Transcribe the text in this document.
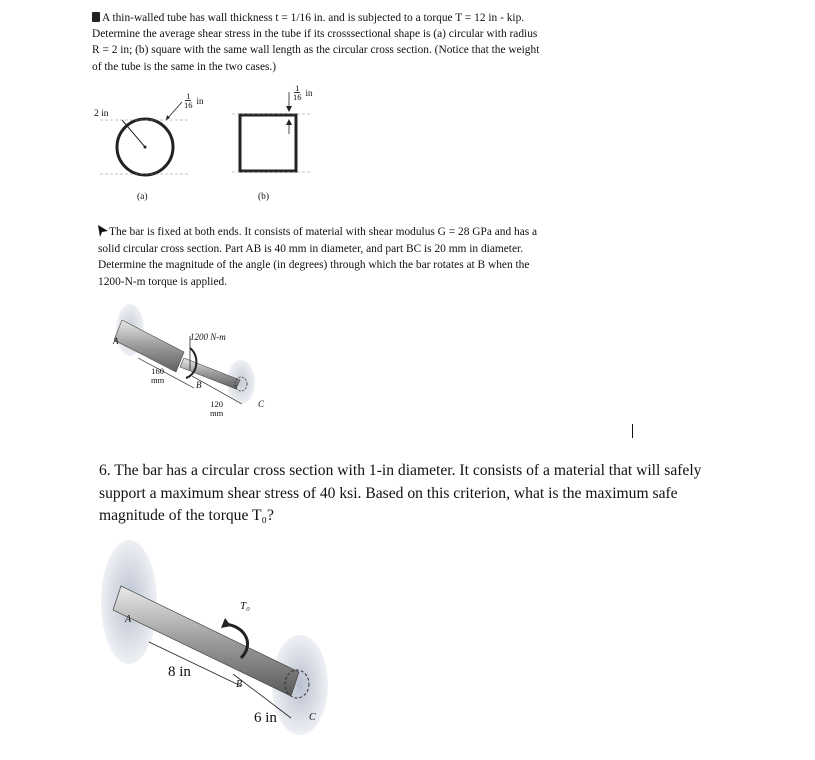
A thin-walled tube has wall thickness t = 1/16 in. and is subjected to a torque T = 12 in - kip.
Determine the average shear stress in the tube if its crosssectional shape is (a) circular with radius
R = 2 in; (b) square with the same wall length as the circular cross section. (Notice that the weight
of the tube is the same in the two cases.)
2 in
$\frac{1}{16}$ in
$\frac{1}{16}$ in
(a)	(b)
The bar is fixed at both ends. It consists of material with shear modulus G = 28 GPa and has a
solid circular cross section. Part AB is 40 mm in diameter, and part BC is 20 mm in diameter.
Determine the magnitude of the angle (in degrees) through which the bar rotates at B when the
1200-N-m torque is applied.
1200 N-m
A
B
C
160
mm
120
mm
6. The bar has a circular cross section with 1-in diameter. It consists of a material that will safely
support a maximum shear stress of 40 ksi. Based on this criterion, what is the maximum safe
magnitude of the torque T₀?
T₀
A
B
C
8 in
6 in
